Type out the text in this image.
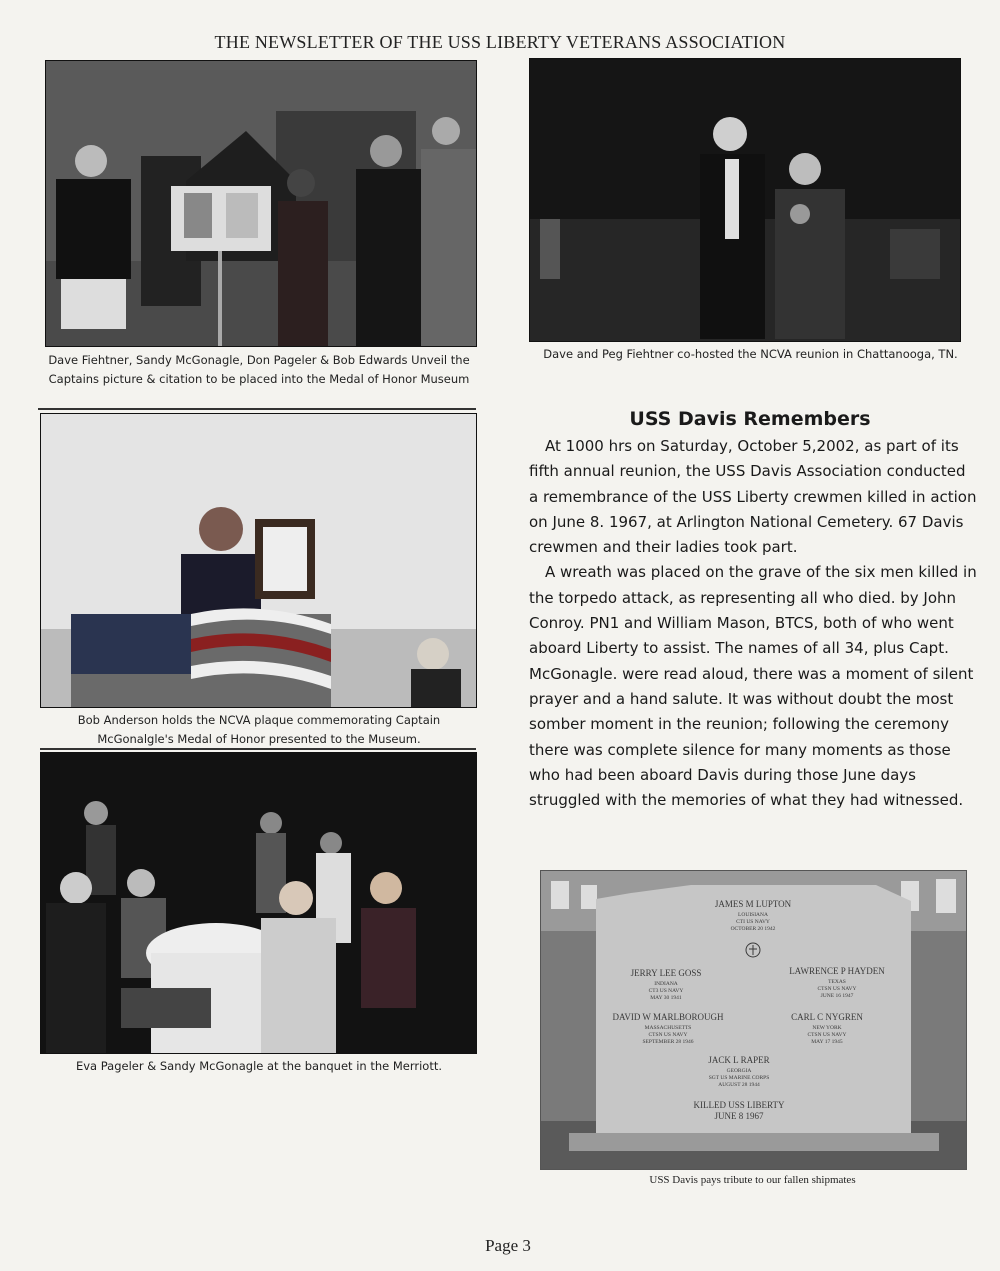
THE NEWSLETTER OF THE USS LIBERTY VETERANS ASSOCIATION
Dave Fiehtner, Sandy McGonagle, Don Pageler & Bob Edwards Unveil the Captains picture & citation to be placed into the Medal of Honor Museum
Dave and Peg Fiehtner co-hosted the NCVA reunion in Chattanooga, TN.
Bob Anderson holds the NCVA plaque commemorating Captain McGonalgle's Medal of Honor presented to the Museum.
Eva Pageler & Sandy McGonagle at the banquet in the Merriott.
USS Davis Remembers

At 1000 hrs on Saturday, October 5,2002, as part of its fifth annual reunion, the USS Davis Association conducted a remembrance of the USS Liberty crewmen killed in action on June 8. 1967, at Arlington National Cemetery. 67 Davis crewmen and their ladies took part.

A wreath was placed on the grave of the six men killed in the torpedo attack, as representing all who died. by John Conroy. PN1 and William Mason, BTCS, both of who went aboard Liberty to assist. The names of all 34, plus Capt. McGonagle. were read aloud, there was a moment of silent prayer and a hand salute. It was without doubt the most somber moment in the reunion; following the ceremony there was complete silence for many moments as those who had been aboard Davis during those June days struggled with the memories of what they had witnessed.

JAMES M LUPTON
LOUISIANA
CTI US NAVY
OCTOBER 20 1942
JERRY LEE GOSS
INDIANA
CT3 US NAVY
MAY 30 1941
LAWRENCE P HAYDEN
TEXAS
CTSN US NAVY
JUNE 16 1947
DAVID W MARLBOROUGH
MASSACHUSETTS
CTSN US NAVY
SEPTEMBER 28 1946
CARL C NYGREN
NEW YORK
CTSN US NAVY
MAY 17 1945
JACK L RAPER
GEORGIA
SGT US MARINE CORPS
AUGUST 28 1944
KILLED USS LIBERTY
JUNE 8 1967
USS Davis pays tribute to our fallen shipmates
Page 3
